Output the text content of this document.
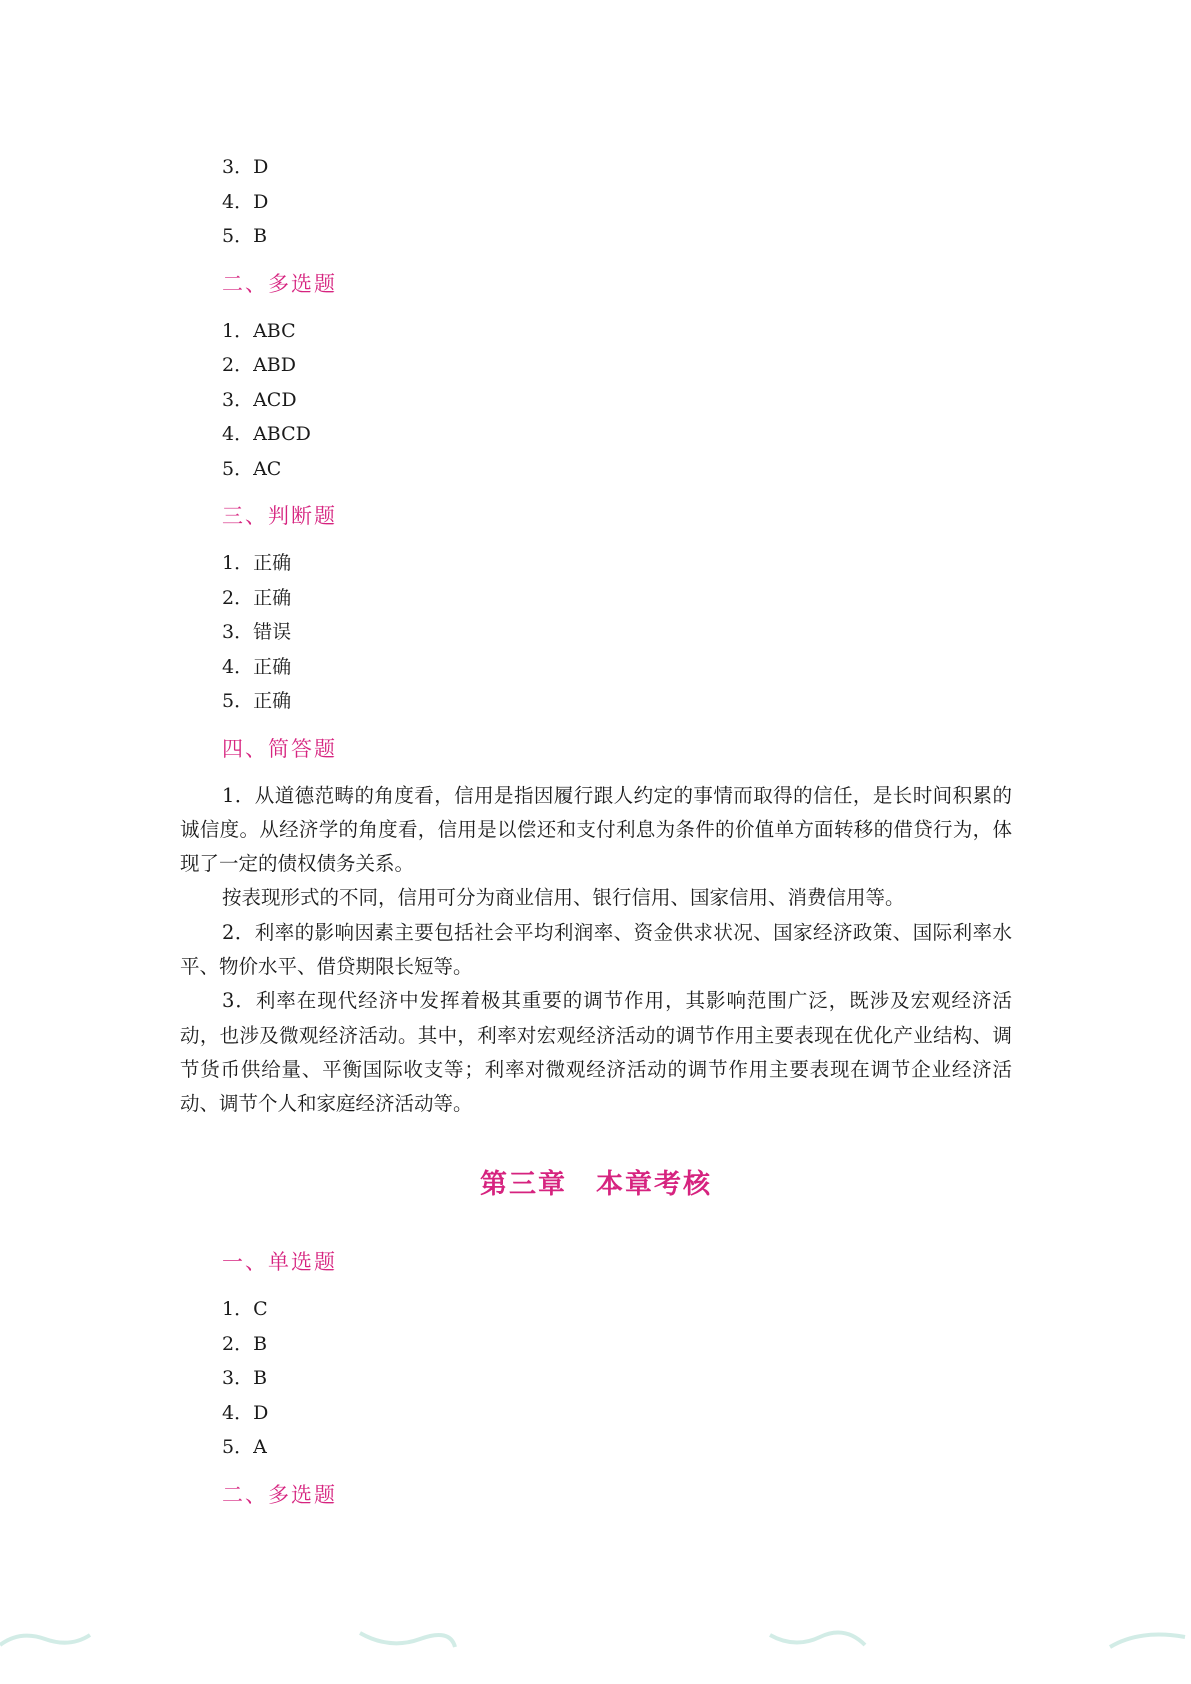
3．D
4．D
5．B
二、多选题
1．ABC
2．ABD
3．ACD
4．ABCD
5．AC
三、判断题
1．正确
2．正确
3．错误
4．正确
5．正确
四、简答题

1．从道德范畴的角度看，信用是指因履行跟人约定的事情而取得的信任，是长时间积累的诚信度。从经济学的角度看，信用是以偿还和支付利息为条件的价值单方面转移的借贷行为，体现了一定的债权债务关系。

按表现形式的不同，信用可分为商业信用、银行信用、国家信用、消费信用等。

2．利率的影响因素主要包括社会平均利润率、资金供求状况、国家经济政策、国际利率水平、物价水平、借贷期限长短等。

3．利率在现代经济中发挥着极其重要的调节作用，其影响范围广泛，既涉及宏观经济活动，也涉及微观经济活动。其中，利率对宏观经济活动的调节作用主要表现在优化产业结构、调节货币供给量、平衡国际收支等；利率对微观经济活动的调节作用主要表现在调节企业经济活动、调节个人和家庭经济活动等。

第三章　本章考核
一、单选题
1．C
2．B
3．B
4．D
5．A
二、多选题
